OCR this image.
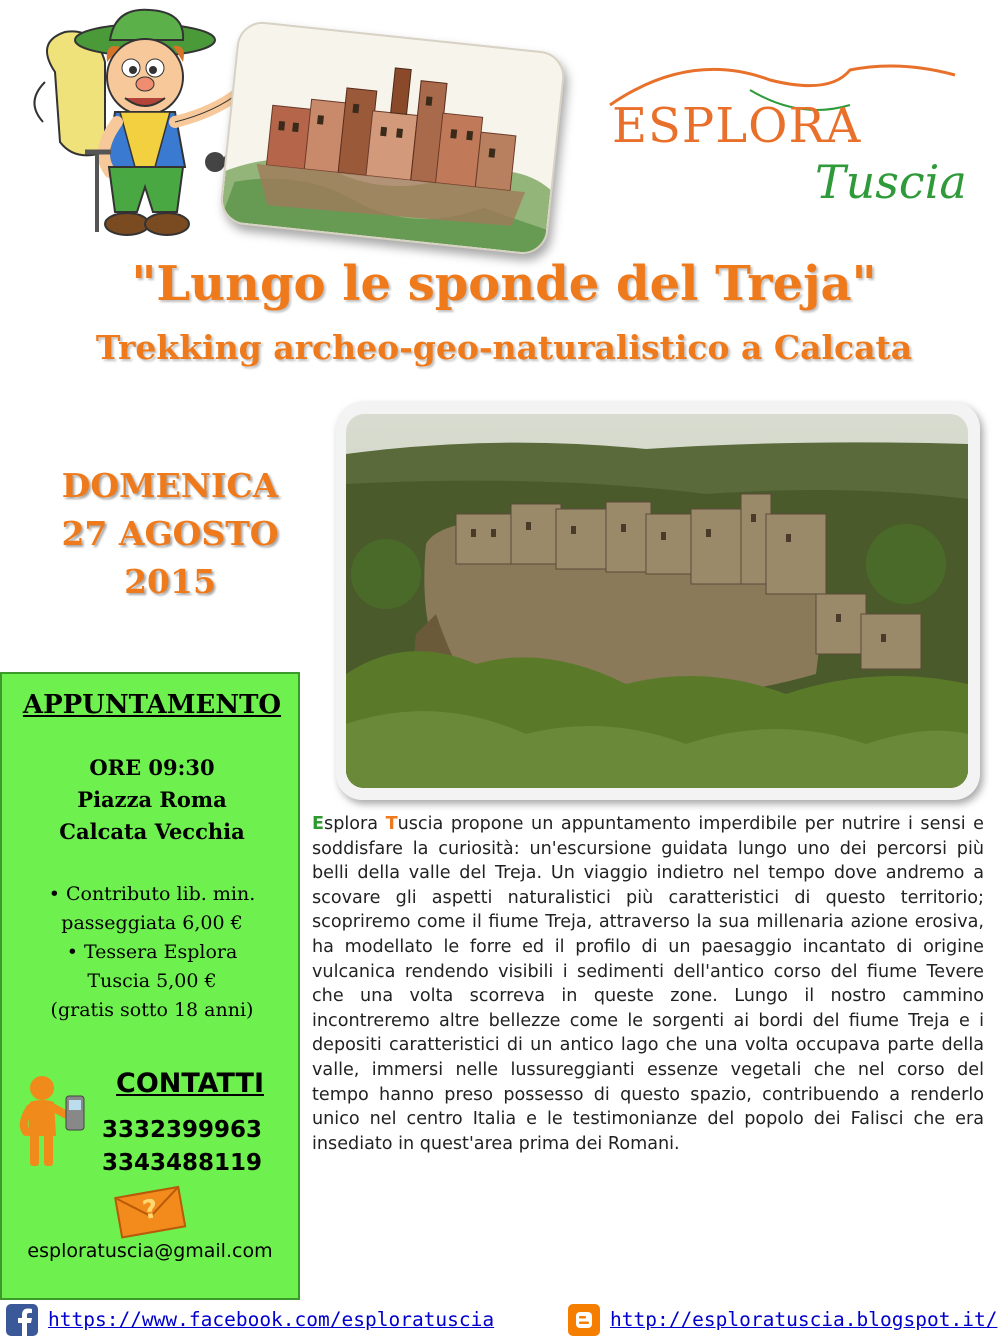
ESPLORA
Tuscia
"Lungo le sponde del Treja"
Trekking archeo-geo-naturalistico a Calcata
DOMENICA
27 AGOSTO
2015
APPUNTAMENTO
ORE 09:30
Piazza Roma
Calcata Vecchia
• Contributo lib. min.
passeggiata 6,00 €
• Tessera Esplora
Tuscia 5,00 €
(gratis sotto 18 anni)
CONTATTI
3332399963
3343488119
?
esploratuscia@gmail.com
Esplora Tuscia propone un appuntamento imperdibile per nutrire i sensi e soddisfare la curiosità: un'escursione guidata lungo uno dei percorsi più belli della valle del Treja. Un viaggio indietro nel tempo dove andremo a scovare gli aspetti naturalistici più caratteristici di questo territorio; scopriremo come il fiume Treja, attraverso la sua millenaria azione erosiva, ha modellato le forre ed il profilo di un paesaggio incantato di origine vulcanica rendendo visibili i sedimenti dell'antico corso del fiume Tevere che una volta scorreva in queste zone. Lungo il nostro cammino incontreremo altre bellezze come le sorgenti ai bordi del fiume Treja e i depositi caratteristici di un antico lago che una volta occupava parte della valle, immersi nelle lussureggianti essenze vegetali che nel corso del tempo hanno preso possesso di questo spazio, contribuendo a renderlo unico nel centro Italia e le testimonianze del popolo dei Falisci che era insediato in quest'area prima dei Romani.
https://www.facebook.com/esploratuscia	http://esploratuscia.blogspot.it/
